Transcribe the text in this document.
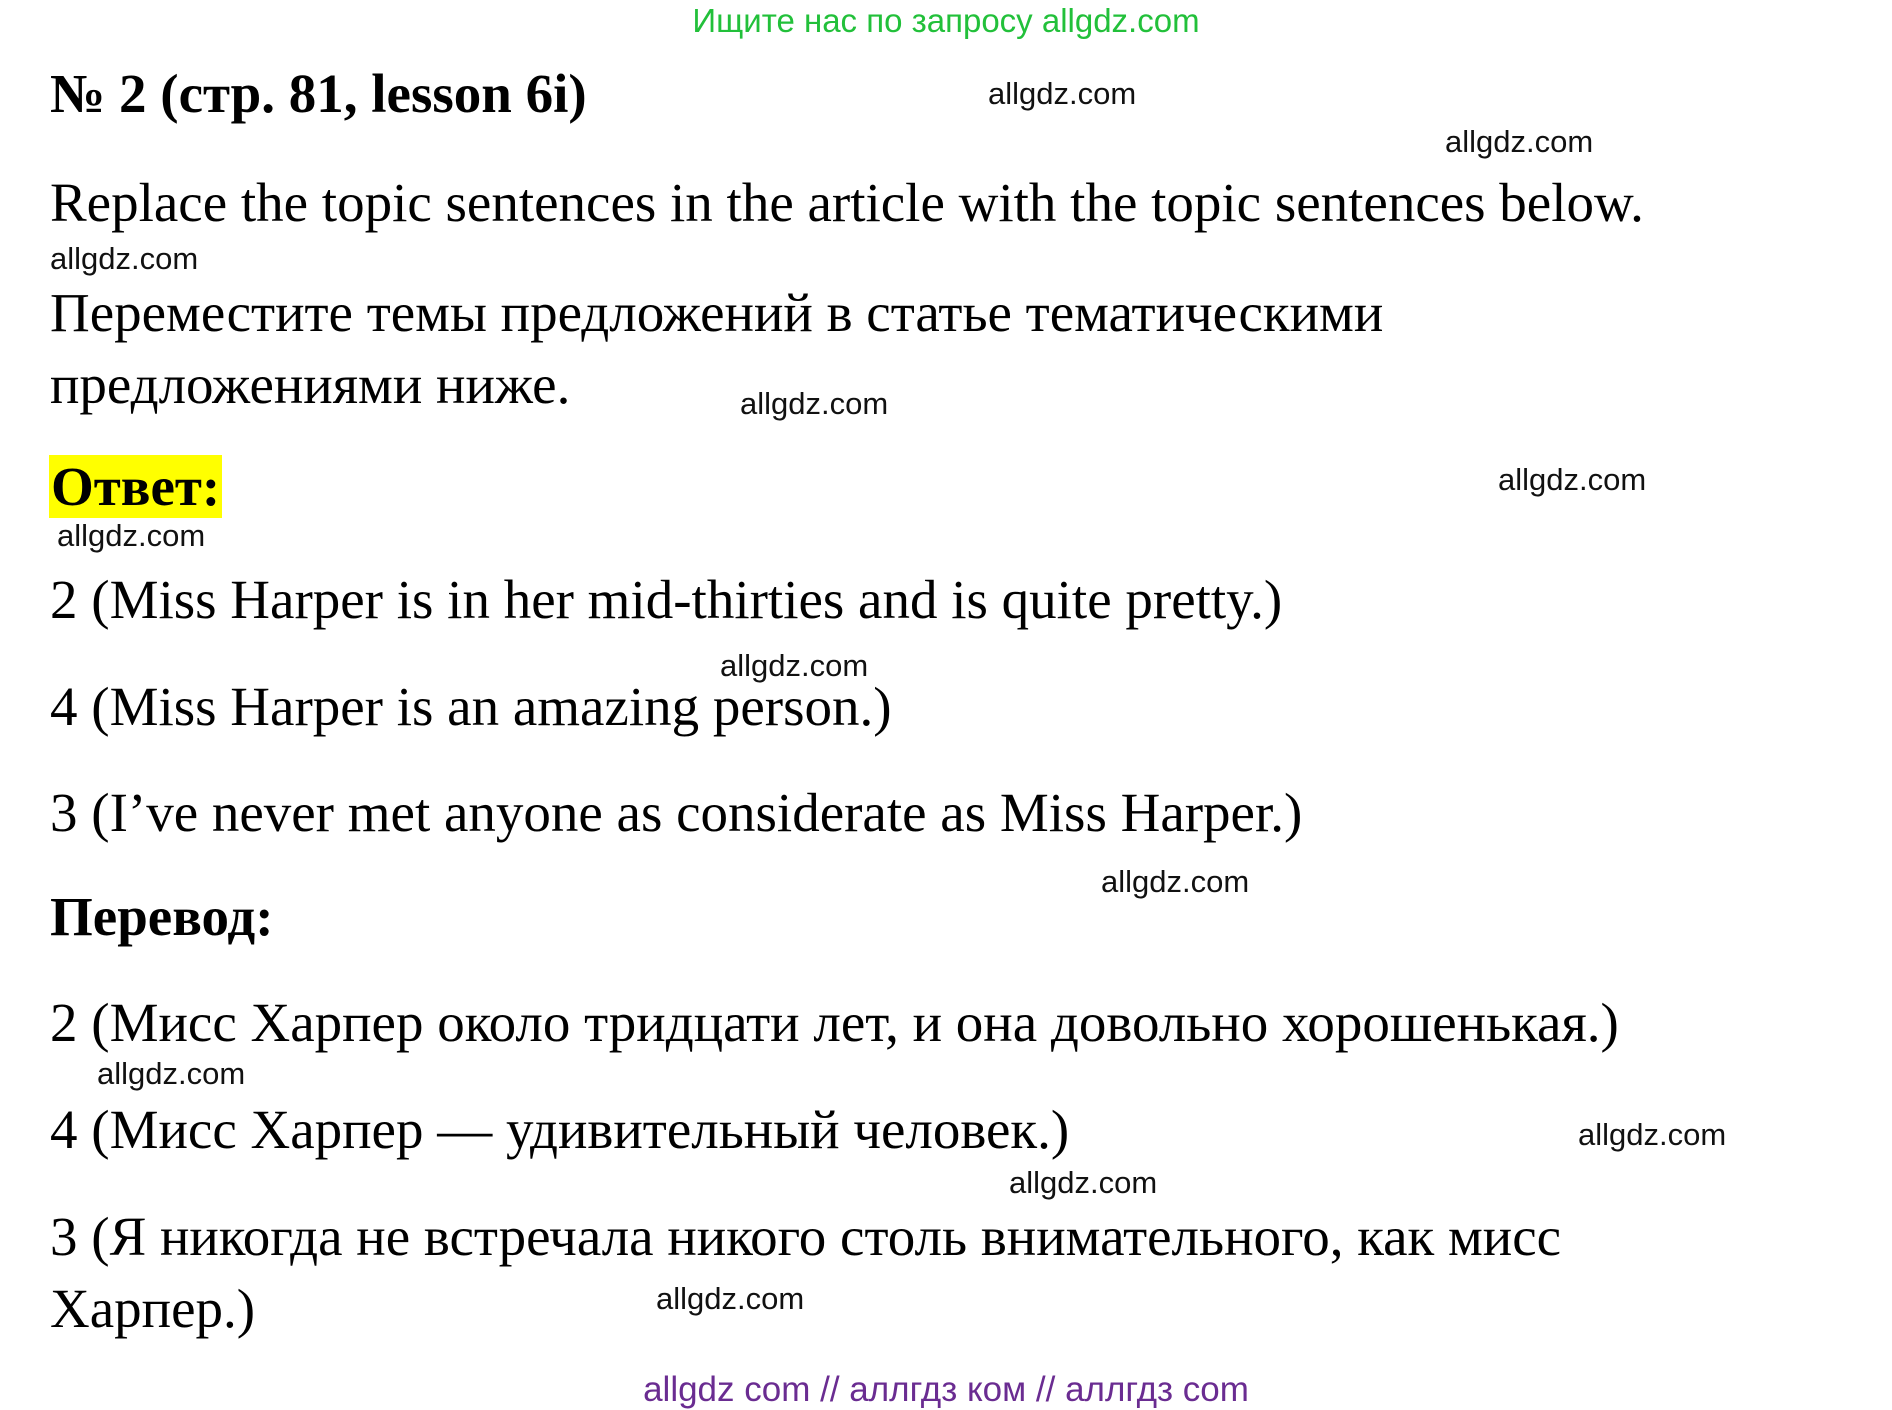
Ищите нас по запросу allgdz.com
№ 2 (стр. 81, lesson 6i)
Replace the topic sentences in the article with the topic sentences below.
Переместите темы предложений в статье тематическими
предложениями ниже.
Ответ:
2 (Miss Harper is in her mid-thirties and is quite pretty.)
4 (Miss Harper is an amazing person.)
3 (I’ve never met anyone as considerate as Miss Harper.)
Перевод:
2 (Мисс Харпер около тридцати лет, и она довольно хорошенькая.)
4 (Мисс Харпер — удивительный человек.)
3 (Я никогда не встречала никого столь внимательного, как мисс
Харпер.)
allgdz.com
allgdz.com
allgdz.com
allgdz.com
allgdz.com
allgdz.com
allgdz.com
allgdz.com
allgdz.com
allgdz.com
allgdz.com
allgdz.com
allgdz com // аллгдз ком // аллгдз com
